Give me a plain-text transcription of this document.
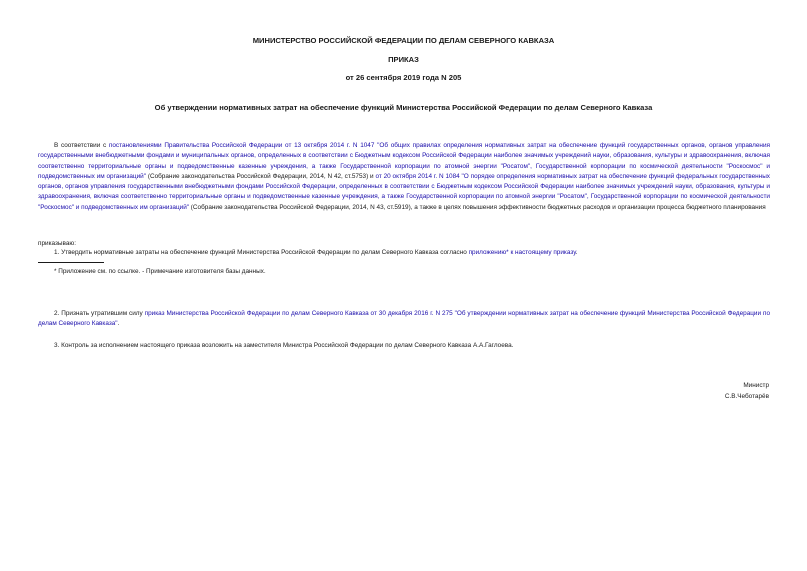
МИНИСТЕРСТВО РОССИЙСКОЙ ФЕДЕРАЦИИ ПО ДЕЛАМ СЕВЕРНОГО КАВКАЗА

ПРИКАЗ

от 26 сентября 2019 года N 205

Об утверждении нормативных затрат на обеспечение функций Министерства Российской Федерации по делам Северного Кавказа

В соответствии с постановлениями Правительства Российской Федерации от 13 октября 2014 г. N 1047 "Об общих правилах определения нормативных затрат на обеспечение функций государственных органов, органов управления государственными внебюджетными фондами и муниципальных органов, определенных в соответствии с Бюджетным кодексом Российской Федерации наиболее значимых учреждений науки, образования, культуры и здравоохранения, включая соответственно территориальные органы и подведомственные казенные учреждения, а также Государственной корпорации по атомной энергии "Росатом", Государственной корпорации по космической деятельности "Роскосмос" и подведомственных им организаций" (Собрание законодательства Российской Федерации, 2014, N 42, ст.5753) и от 20 октября 2014 г. N 1084 "О порядке определения нормативных затрат на обеспечение функций федеральных государственных органов, органов управления государственными внебюджетными фондами Российской Федерации, определенных в соответствии с Бюджетным кодексом Российской Федерации наиболее значимых учреждений науки, образования, культуры и здравоохранения, включая соответственно территориальные органы и подведомственные казенные учреждения, а также Государственной корпорации по атомной энергии "Росатом", Государственной корпорации по космической деятельности "Роскосмос" и подведомственных им организаций" (Собрание законодательства Российской Федерации, 2014, N 43, ст.5919), а также в целях повышения эффективности бюджетных расходов и организации процесса бюджетного планирования

приказываю:

1. Утвердить нормативные затраты на обеспечение функций Министерства Российской Федерации по делам Северного Кавказа согласно приложению* к настоящему приказу.

* Приложение см. по ссылке. - Примечание изготовителя базы данных.

2. Признать утратившим силу приказ Министерства Российской Федерации по делам Северного Кавказа от 30 декабря 2016 г. N 275 "Об утверждении нормативных затрат на обеспечение функций Министерства Российской Федерации по делам Северного Кавказа".

3. Контроль за исполнением настоящего приказа возложить на заместителя Министра Российской Федерации по делам Северного Кавказа А.А.Гаглоева.

Министр

С.В.Чеботарёв
